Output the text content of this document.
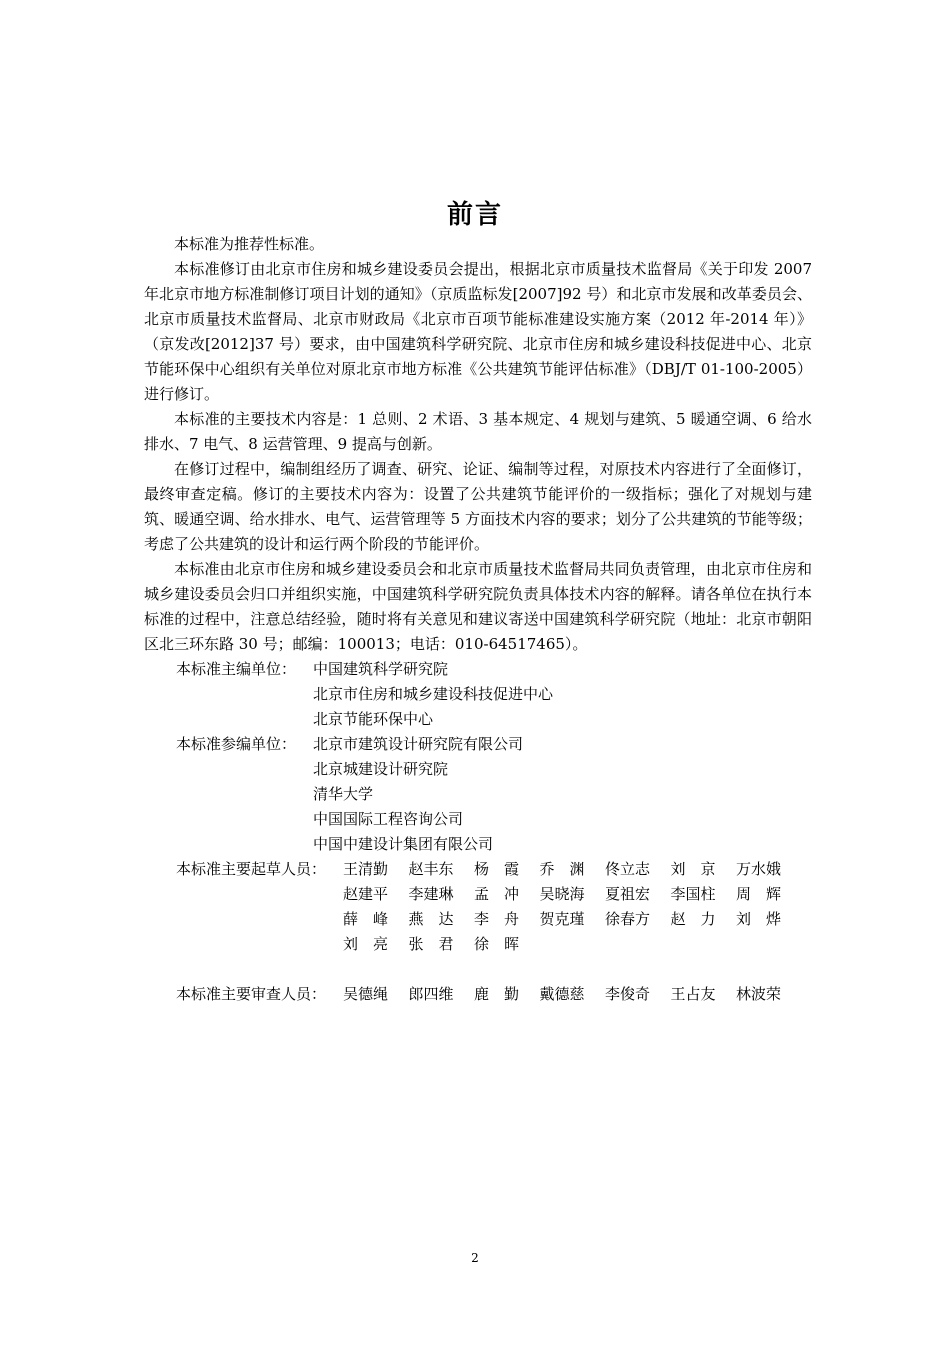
前言

本标准为推荐性标准。

本标准修订由北京市住房和城乡建设委员会提出，根据北京市质量技术监督局《关于印发 2007 年北京市地方标准制修订项目计划的通知》（京质监标发[2007]92 号）和北京市发展和改革委员会、北京市质量技术监督局、北京市财政局《北京市百项节能标准建设实施方案（2012 年-2014 年）》（京发改[2012]37 号）要求，由中国建筑科学研究院、北京市住房和城乡建设科技促进中心、北京节能环保中心组织有关单位对原北京市地方标准《公共建筑节能评估标准》（DBJ/T 01-100-2005）进行修订。

本标准的主要技术内容是：1 总则、2 术语、3 基本规定、4 规划与建筑、5 暖通空调、6 给水排水、7 电气、8 运营管理、9 提高与创新。

在修订过程中，编制组经历了调查、研究、论证、编制等过程，对原技术内容进行了全面修订，最终审查定稿。修订的主要技术内容为：设置了公共建筑节能评价的一级指标；强化了对规划与建筑、暖通空调、给水排水、电气、运营管理等 5 方面技术内容的要求；划分了公共建筑的节能等级；考虑了公共建筑的设计和运行两个阶段的节能评价。

本标准由北京市住房和城乡建设委员会和北京市质量技术监督局共同负责管理，由北京市住房和城乡建设委员会归口并组织实施，中国建筑科学研究院负责具体技术内容的解释。请各单位在执行本标准的过程中，注意总结经验，随时将有关意见和建议寄送中国建筑科学研究院（地址：北京市朝阳区北三环东路 30 号；邮编：100013；电话：010-64517465）。

本标准主编单位：	中国建筑科学研究院
北京市住房和城乡建设科技促进中心
北京节能环保中心
本标准参编单位：	北京市建筑设计研究院有限公司
北京城建设计研究院
清华大学
中国国际工程咨询公司
中国中建设计集团有限公司
本标准主要起草人员：	王清勤	赵丰东	杨　霞	乔　渊	佟立志	刘　京	万水娥
赵建平	李建琳	孟　冲	吴晓海	夏祖宏	李国柱	周　辉
薛　峰	燕　达	李　舟	贺克瑾	徐春方	赵　力	刘　烨
刘　亮	张　君	徐　晖
本标准主要审查人员：	吴德绳	郎四维	鹿　勤	戴德慈	李俊奇	王占友	林波荣
2
